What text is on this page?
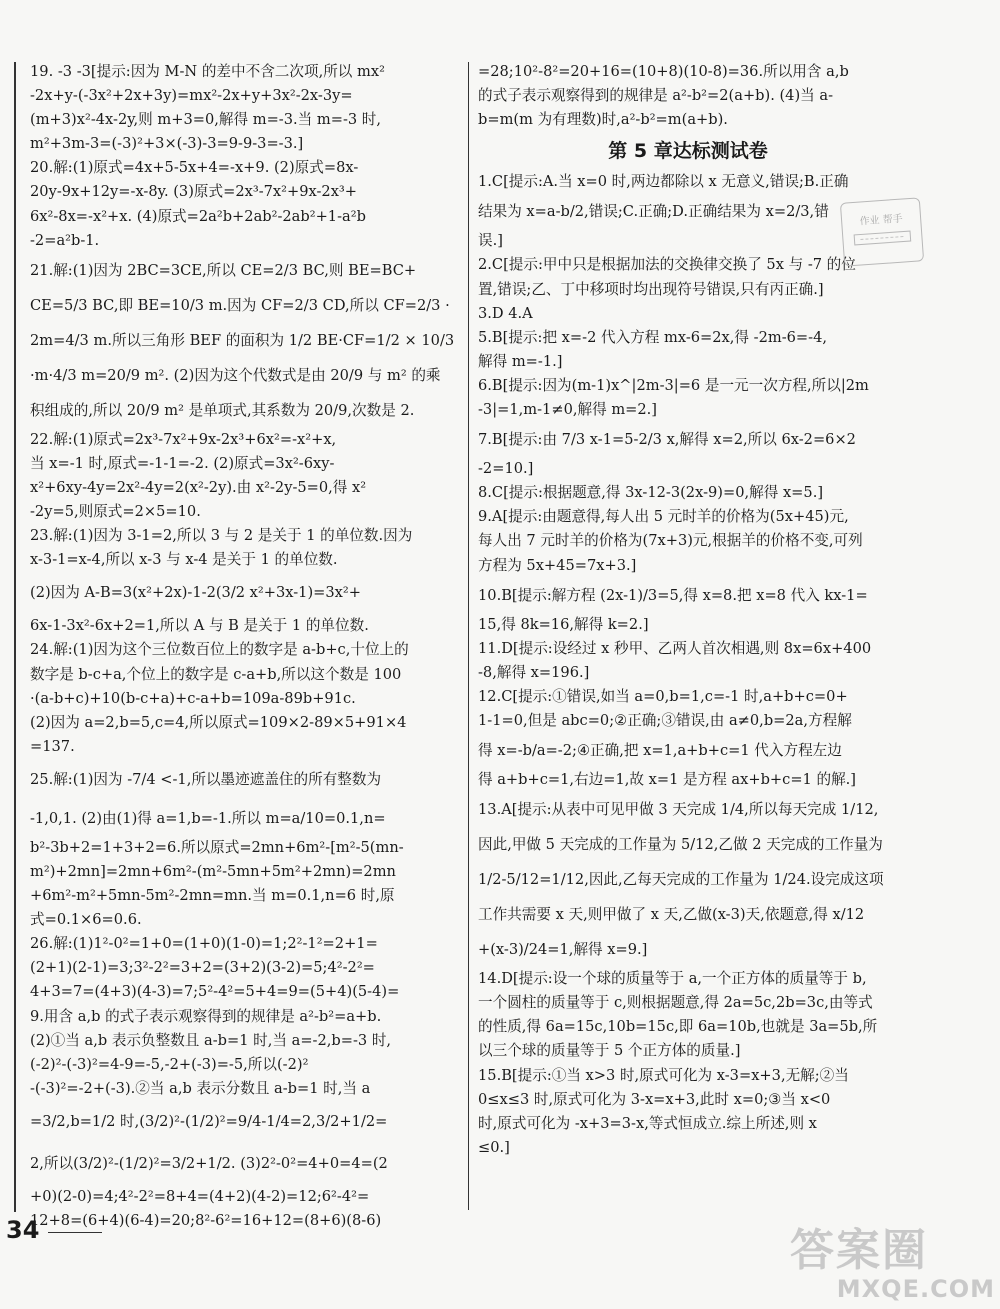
19. -3 -3[提示:因为 M-N 的差中不含二次项,所以 mx²
-2x+y-(-3x²+2x+3y)=mx²-2x+y+3x²-2x-3y=
(m+3)x²-4x-2y,则 m+3=0,解得 m=-3.当 m=-3 时,
m²+3m-3=(-3)²+3×(-3)-3=9-9-3=-3.]
20.解:(1)原式=4x+5-5x+4=-x+9. (2)原式=8x-
20y-9x+12y=-x-8y. (3)原式=2x³-7x²+9x-2x³+
6x²-8x=-x²+x. (4)原式=2a²b+2ab²-2ab²+1-a²b
-2=a²b-1.
21.解:(1)因为 2BC=3CE,所以 CE=2/3 BC,则 BE=BC+
CE=5/3 BC,即 BE=10/3 m.因为 CF=2/3 CD,所以 CF=2/3 ·
2m=4/3 m.所以三角形 BEF 的面积为 1/2 BE·CF=1/2 × 10/3
·m·4/3 m=20/9 m². (2)因为这个代数式是由 20/9 与 m² 的乘
积组成的,所以 20/9 m² 是单项式,其系数为 20/9,次数是 2.
22.解:(1)原式=2x³-7x²+9x-2x³+6x²=-x²+x,
当 x=-1 时,原式=-1-1=-2. (2)原式=3x²-6xy-
x²+6xy-4y=2x²-4y=2(x²-2y).由 x²-2y-5=0,得 x²
-2y=5,则原式=2×5=10.
23.解:(1)因为 3-1=2,所以 3 与 2 是关于 1 的单位数.因为
x-3-1=x-4,所以 x-3 与 x-4 是关于 1 的单位数.
(2)因为 A-B=3(x²+2x)-1-2(3/2 x²+3x-1)=3x²+
6x-1-3x²-6x+2=1,所以 A 与 B 是关于 1 的单位数.
24.解:(1)因为这个三位数百位上的数字是 a-b+c,十位上的
数字是 b-c+a,个位上的数字是 c-a+b,所以这个数是 100
·(a-b+c)+10(b-c+a)+c-a+b=109a-89b+91c.
(2)因为 a=2,b=5,c=4,所以原式=109×2-89×5+91×4
=137.
25.解:(1)因为 -7/4 <-1,所以墨迹遮盖住的所有整数为
-1,0,1. (2)由(1)得 a=1,b=-1.所以 m=a/10=0.1,n=
b²-3b+2=1+3+2=6.所以原式=2mn+6m²-[m²-5(mn-
m²)+2mn]=2mn+6m²-(m²-5mn+5m²+2mn)=2mn
+6m²-m²+5mn-5m²-2mn=mn.当 m=0.1,n=6 时,原
式=0.1×6=0.6.
26.解:(1)1²-0²=1+0=(1+0)(1-0)=1;2²-1²=2+1=
(2+1)(2-1)=3;3²-2²=3+2=(3+2)(3-2)=5;4²-2²=
4+3=7=(4+3)(4-3)=7;5²-4²=5+4=9=(5+4)(5-4)=
9.用含 a,b 的式子表示观察得到的规律是 a²-b²=a+b.
(2)①当 a,b 表示负整数且 a-b=1 时,当 a=-2,b=-3 时,
(-2)²-(-3)²=4-9=-5,-2+(-3)=-5,所以(-2)²
-(-3)²=-2+(-3).②当 a,b 表示分数且 a-b=1 时,当 a
=3/2,b=1/2 时,(3/2)²-(1/2)²=9/4-1/4=2,3/2+1/2=
2,所以(3/2)²-(1/2)²=3/2+1/2. (3)2²-0²=4+0=4=(2
+0)(2-0)=4;4²-2²=8+4=(4+2)(4-2)=12;6²-4²=
12+8=(6+4)(6-4)=20;8²-6²=16+12=(8+6)(8-6)
=28;10²-8²=20+16=(10+8)(10-8)=36.所以用含 a,b
的式子表示观察得到的规律是 a²-b²=2(a+b). (4)当 a-
b=m(m 为有理数)时,a²-b²=m(a+b).
第 5 章达标测试卷
1.C[提示:A.当 x=0 时,两边都除以 x 无意义,错误;B.正确
结果为 x=a-b/2,错误;C.正确;D.正确结果为 x=2/3,错
误.]
2.C[提示:甲中只是根据加法的交换律交换了 5x 与 -7 的位
置,错误;乙、丁中移项时均出现符号错误,只有丙正确.]
3.D 4.A
5.B[提示:把 x=-2 代入方程 mx-6=2x,得 -2m-6=-4,
解得 m=-1.]
6.B[提示:因为(m-1)x^|2m-3|=6 是一元一次方程,所以|2m
-3|=1,m-1≠0,解得 m=2.]
7.B[提示:由 7/3 x-1=5-2/3 x,解得 x=2,所以 6x-2=6×2
-2=10.]
8.C[提示:根据题意,得 3x-12-3(2x-9)=0,解得 x=5.]
9.A[提示:由题意得,每人出 5 元时羊的价格为(5x+45)元,
每人出 7 元时羊的价格为(7x+3)元,根据羊的价格不变,可列
方程为 5x+45=7x+3.]
10.B[提示:解方程 (2x-1)/3=5,得 x=8.把 x=8 代入 kx-1=
15,得 8k=16,解得 k=2.]
11.D[提示:设经过 x 秒甲、乙两人首次相遇,则 8x=6x+400
-8,解得 x=196.]
12.C[提示:①错误,如当 a=0,b=1,c=-1 时,a+b+c=0+
1-1=0,但是 abc=0;②正确;③错误,由 a≠0,b=2a,方程解
得 x=-b/a=-2;④正确,把 x=1,a+b+c=1 代入方程左边
得 a+b+c=1,右边=1,故 x=1 是方程 ax+b+c=1 的解.]
13.A[提示:从表中可见甲做 3 天完成 1/4,所以每天完成 1/12,
因此,甲做 5 天完成的工作量为 5/12,乙做 2 天完成的工作量为
1/2-5/12=1/12,因此,乙每天完成的工作量为 1/24.设完成这项
工作共需要 x 天,则甲做了 x 天,乙做(x-3)天,依题意,得 x/12
+(x-3)/24=1,解得 x=9.]
14.D[提示:设一个球的质量等于 a,一个正方体的质量等于 b,
一个圆柱的质量等于 c,则根据题意,得 2a=5c,2b=3c,由等式
的性质,得 6a=15c,10b=15c,即 6a=10b,也就是 3a=5b,所
以三个球的质量等于 5 个正方体的质量.]
15.B[提示:①当 x>3 时,原式可化为 x-3=x+3,无解;②当
0≤x≤3 时,原式可化为 3-x=x+3,此时 x=0;③当 x<0
时,原式可化为 -x+3=3-x,等式恒成立.综上所述,则 x
≤0.]
作业 帮手
34	答案圈
MXQE.COM
